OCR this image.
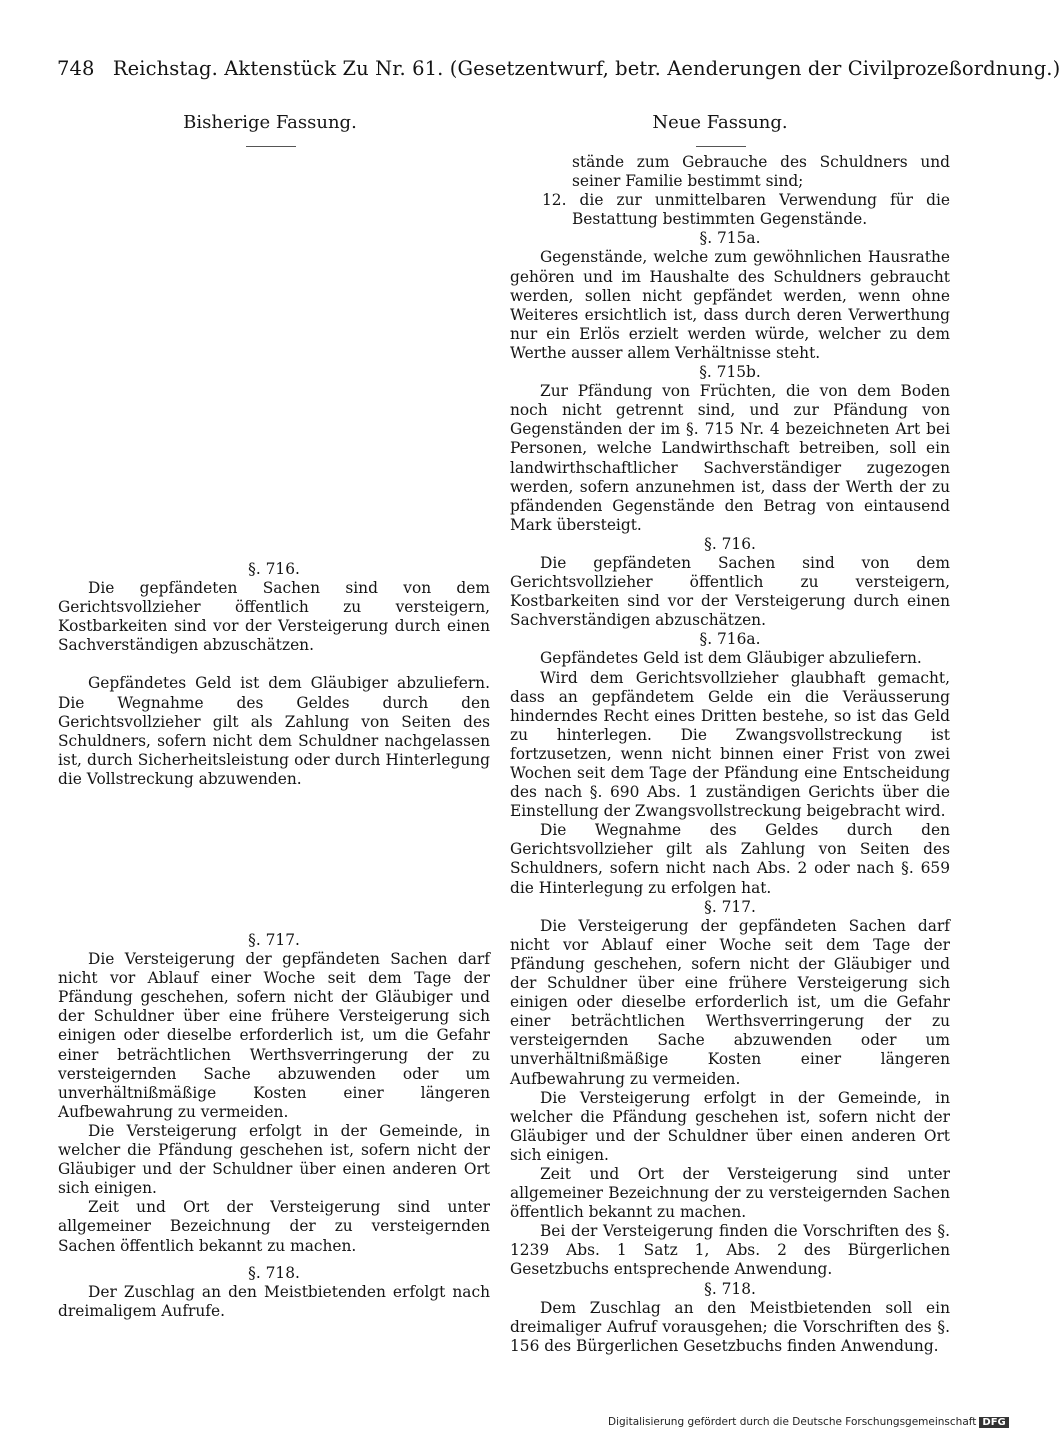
748 Reichstag. Aktenstück Zu Nr. 61. (Gesetzentwurf, betr. Aenderungen der Civilprozeßordnung.)
Bisherige Fassung.	Neue Fassung.

§. 716.

Die gepfändeten Sachen sind von dem Gerichtsvollzieher öffentlich zu versteigern, Kostbarkeiten sind vor der Versteigerung durch einen Sachverständigen abzuschätzen.

Gepfändetes Geld ist dem Gläubiger abzuliefern. Die Wegnahme des Geldes durch den Gerichtsvollzieher gilt als Zahlung von Seiten des Schuldners, sofern nicht dem Schuldner nachgelassen ist, durch Sicherheitsleistung oder durch Hinterlegung die Vollstreckung abzuwenden.

§. 717.

Die Versteigerung der gepfändeten Sachen darf nicht vor Ablauf einer Woche seit dem Tage der Pfändung geschehen, sofern nicht der Gläubiger und der Schuldner über eine frühere Versteigerung sich einigen oder dieselbe erforderlich ist, um die Gefahr einer beträchtlichen Werthsverringerung der zu versteigernden Sache abzuwenden oder um unverhältnißmäßige Kosten einer längeren Aufbewahrung zu vermeiden.

Die Versteigerung erfolgt in der Gemeinde, in welcher die Pfändung geschehen ist, sofern nicht der Gläubiger und der Schuldner über einen anderen Ort sich einigen.

Zeit und Ort der Versteigerung sind unter allgemeiner Bezeichnung der zu versteigernden Sachen öffentlich bekannt zu machen.

§. 718.

Der Zuschlag an den Meistbietenden erfolgt nach dreimaligem Aufrufe.

stände zum Gebrauche des Schuldners und seiner Familie bestimmt sind;

12. die zur unmittelbaren Verwendung für die Bestattung bestimmten Gegenstände.

§. 715a.

Gegenstände, welche zum gewöhnlichen Hausrathe gehören und im Haushalte des Schuldners gebraucht werden, sollen nicht gepfändet werden, wenn ohne Weiteres ersichtlich ist, dass durch deren Verwerthung nur ein Erlös erzielt werden würde, welcher zu dem Werthe ausser allem Verhältnisse steht.

§. 715b.

Zur Pfändung von Früchten, die von dem Boden noch nicht getrennt sind, und zur Pfändung von Gegenständen der im §. 715 Nr. 4 bezeichneten Art bei Personen, welche Landwirthschaft betreiben, soll ein landwirthschaftlicher Sachverständiger zugezogen werden, sofern anzunehmen ist, dass der Werth der zu pfändenden Gegenstände den Betrag von eintausend Mark übersteigt.

§. 716.

Die gepfändeten Sachen sind von dem Gerichtsvollzieher öffentlich zu versteigern, Kostbarkeiten sind vor der Versteigerung durch einen Sachverständigen abzuschätzen.

§. 716a.

Gepfändetes Geld ist dem Gläubiger abzuliefern.

Wird dem Gerichtsvollzieher glaubhaft gemacht, dass an gepfändetem Gelde ein die Veräusserung hinderndes Recht eines Dritten bestehe, so ist das Geld zu hinterlegen. Die Zwangsvollstreckung ist fortzusetzen, wenn nicht binnen einer Frist von zwei Wochen seit dem Tage der Pfändung eine Entscheidung des nach §. 690 Abs. 1 zuständigen Gerichts über die Einstellung der Zwangsvollstreckung beigebracht wird.

Die Wegnahme des Geldes durch den Gerichtsvollzieher gilt als Zahlung von Seiten des Schuldners, sofern nicht nach Abs. 2 oder nach §. 659 die Hinterlegung zu erfolgen hat.

§. 717.

Die Versteigerung der gepfändeten Sachen darf nicht vor Ablauf einer Woche seit dem Tage der Pfändung geschehen, sofern nicht der Gläubiger und der Schuldner über eine frühere Versteigerung sich einigen oder dieselbe erforderlich ist, um die Gefahr einer beträchtlichen Werthsverringerung der zu versteigernden Sache abzuwenden oder um unverhältnißmäßige Kosten einer längeren Aufbewahrung zu vermeiden.

Die Versteigerung erfolgt in der Gemeinde, in welcher die Pfändung geschehen ist, sofern nicht der Gläubiger und der Schuldner über einen anderen Ort sich einigen.

Zeit und Ort der Versteigerung sind unter allgemeiner Bezeichnung der zu versteigernden Sachen öffentlich bekannt zu machen.

Bei der Versteigerung finden die Vorschriften des §. 1239 Abs. 1 Satz 1, Abs. 2 des Bürgerlichen Gesetzbuchs entsprechende Anwendung.

§. 718.

Dem Zuschlag an den Meistbietenden soll ein dreimaliger Aufruf vorausgehen; die Vorschriften des §. 156 des Bürgerlichen Gesetzbuchs finden Anwendung.

Digitalisierung gefördert durch die Deutsche Forschungsgemeinschaft DFG
